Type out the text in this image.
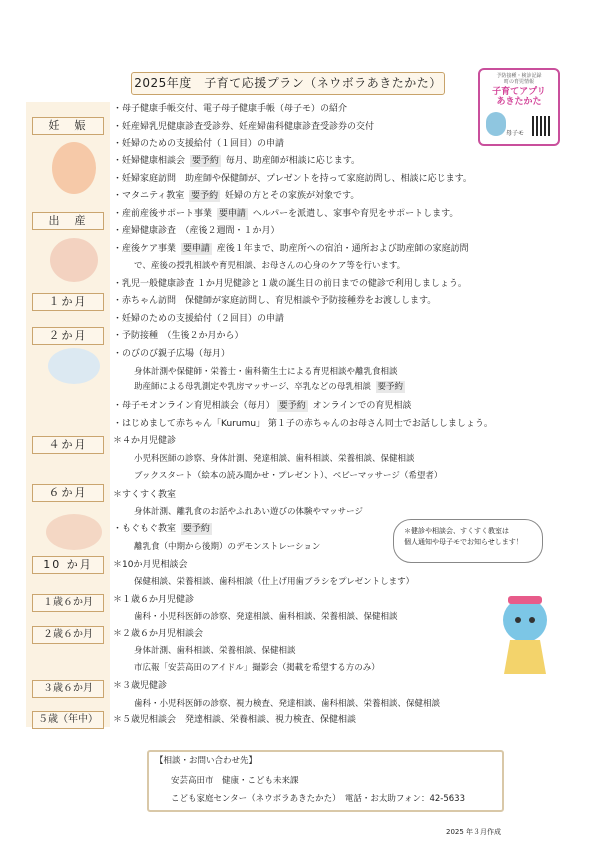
2025年度　子育て応援プラン（ネウボラあきたかた）	予防接種・検診記録
町の育児情報
子育てアプリ
あきたかた
母子モ
妊　娠
出　産
１か月
２か月
４か月
６か月
10 か月
１歳６か月
２歳６か月
３歳６か月
５歳（年中）
・母子健康手帳交付、電子母子健康手帳（母子モ）の紹介
・妊産婦乳児健康診査受診券、妊産婦歯科健康診査受診券の交付
・妊婦のための支援給付（１回目）の申請
・妊婦健康相談会 要予約 毎月、助産師が相談に応じます。
・妊婦家庭訪問　助産師や保健師が、プレゼントを持って家庭訪問し、相談に応じます。
・マタニティ教室 要予約 妊婦の方とその家族が対象です。
・産前産後サポート事業 要申請 ヘルパーを派遣し、家事や育児をサポートします。
・産婦健康診査　（産後２週間・１か月）
・産後ケア事業 要申請 産後１年まで、助産所への宿泊・通所および助産師の家庭訪問
で、産後の授乳相談や育児相談、お母さんの心身のケア等を行います。
・乳児一般健康診査 １か月児健診と１歳の誕生日の前日までの健診で利用しましょう。
・赤ちゃん訪問　保健師が家庭訪問し、育児相談や予防接種券をお渡しします。
・妊婦のための支援給付（２回目）の申請
・予防接種　（生後２か月から）
・のびのび親子広場（毎月）
身体計測や保健師・栄養士・歯科衛生士による育児相談や離乳食相談
助産師による母乳測定や乳房マッサージ、卒乳などの母乳相談 要予約
・母子モオンライン育児相談会（毎月） 要予約 オンラインでの育児相談
・はじめまして赤ちゃん「Kurumu」 第１子の赤ちゃんのお母さん同士でお話ししましょう。
＊４か月児健診
小児科医師の診察、身体計測、発達相談、歯科相談、栄養相談、保健相談
ブックスタート（絵本の読み聞かせ・プレゼント）、ベビーマッサージ（希望者）
＊すくすく教室
身体計測、離乳食のお話やふれあい遊びの体験やマッサージ
・もぐもぐ教室 要予約
離乳食（中期から後期）のデモンストレーション
＊10か月児相談会
保健相談、栄養相談、歯科相談（仕上げ用歯ブラシをプレゼントします）
＊１歳６か月児健診
歯科・小児科医師の診察、発達相談、歯科相談、栄養相談、保健相談
＊２歳６か月児相談会
身体計測、歯科相談、栄養相談、保健相談
市広報「安芸高田のアイドル」撮影会（掲載を希望する方のみ）
＊３歳児健診
歯科・小児科医師の診察、視力検査、発達相談、歯科相談、栄養相談、保健相談
＊５歳児相談会　発達相談、栄養相談、視力検査、保健相談
＊健診や相談会、すくすく教室は
個人通知や母子モでお知らせします！
【相談・お問い合わせ先】
安芸高田市　健康・こども未来課
こども家庭センター（ネウボラあきたかた）　電話・お太助フォン：42-5633
2025 年３月作成
